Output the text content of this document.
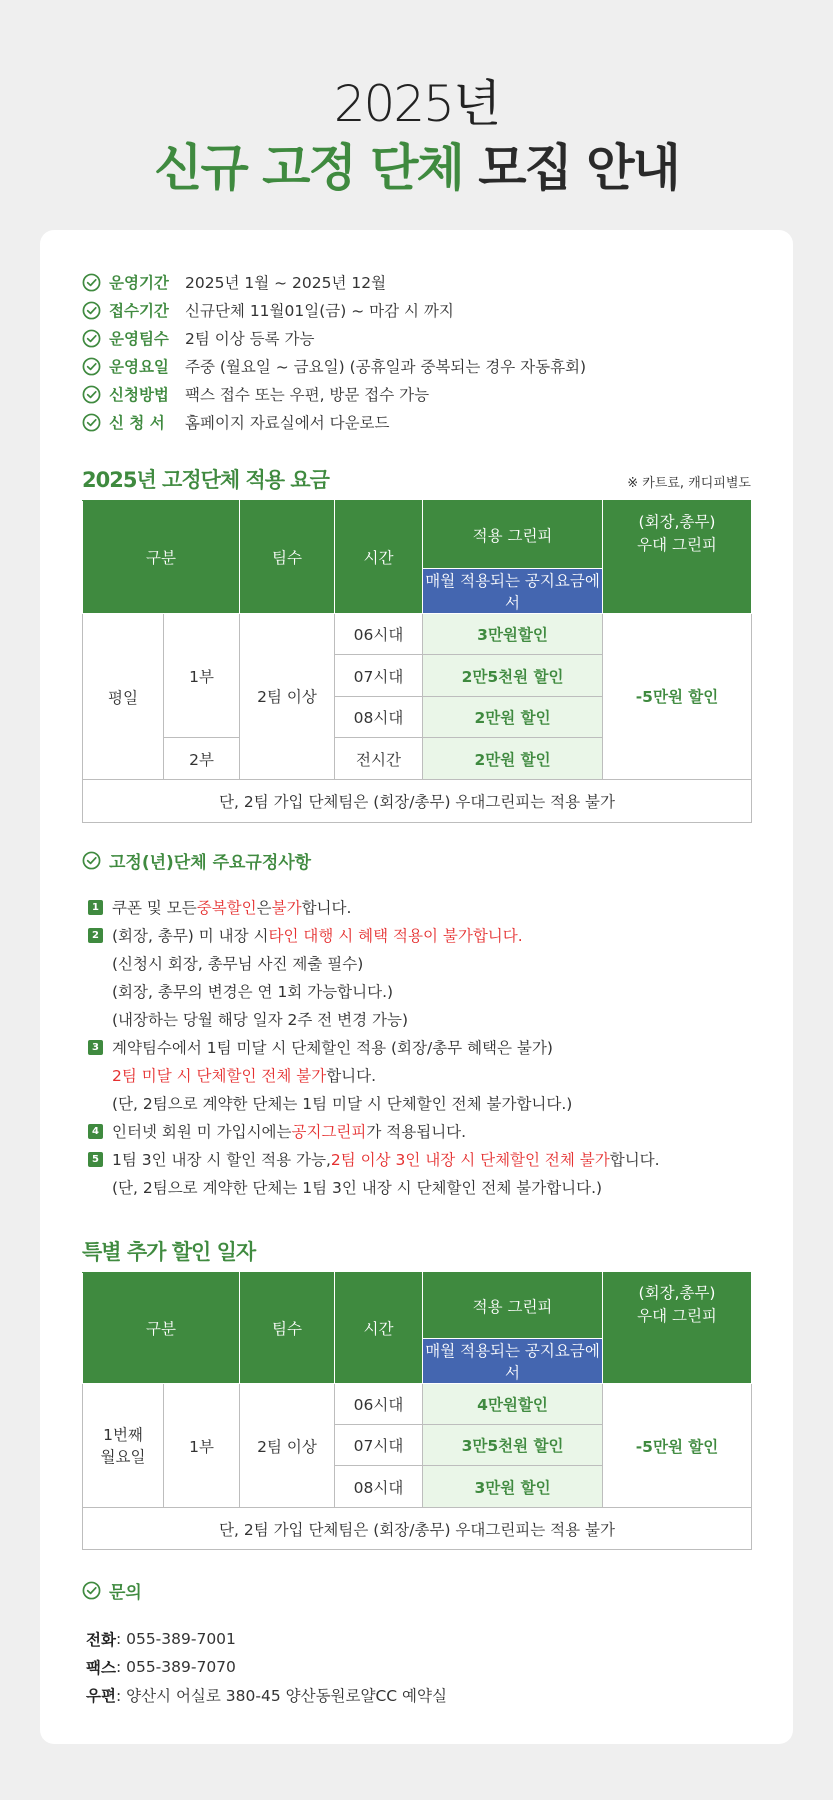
2025년
신규 고정 단체 모집 안내
운영기간	2025년 1월 ~ 2025년 12월
접수기간	신규단체 11월01일(금) ~ 마감 시 까지
운영팀수	2팀 이상 등록 가능
운영요일	주중 (월요일 ~ 금요일) (공휴일과 중복되는 경우 자동휴회)
신청방법	팩스 접수 또는 우편, 방문 접수 가능
신 청 서	홈페이지 자료실에서 다운로드
2025년 고정단체 적용 요금	※ 카트료, 캐디피별도
구분		팀수	시간	적용 그린피	(회장,총무)
우대 그린피

				매월 적용되는 공지요금에서	
평일	1부	2팀 이상	06시대	3만원할인	-5만원 할인
			07시대	2만5천원 할인	
			08시대	2만원 할인	
	2부		전시간	2만원 할인	
단, 2팀 가입 단체팀은 (회장/총무) 우대그린피는 적용 불가					
고정(년)단체 주요규정사항
1 쿠폰 및 모든 중복할인 은 불가 합니다.
2 (회장, 총무) 미 내장 시 타인 대행 시 혜택 적용이 불가합니다.
(신청시 회장, 총무님 사진 제출 필수)
(회장, 총무의 변경은 연 1회 가능합니다.)
(내장하는 당월 해당 일자 2주 전 변경 가능)
3 계약팀수에서 1팀 미달 시 단체할인 적용 (회장/총무 혜택은 불가)
2팀 미달 시 단체할인 전체 불가 합니다.
(단, 2팀으로 계약한 단체는 1팀 미달 시 단체할인 전체 불가합니다.)
4 인터넷 회원 미 가입시에는 공지그린피 가 적용됩니다.
5 1팀 3인 내장 시 할인 적용 가능, 2팀 이상 3인 내장 시 단체할인 전체 불가 합니다.
(단, 2팀으로 계약한 단체는 1팀 3인 내장 시 단체할인 전체 불가합니다.)
특별 추가 할인 일자
구분		팀수	시간	적용 그린피	(회장,총무)
우대 그린피

				매월 적용되는 공지요금에서	

1번째
월요일	1부	2팀 이상	06시대	4만원할인	-5만원 할인
			07시대	3만5천원 할인	
			08시대	3만원 할인	
단, 2팀 가입 단체팀은 (회장/총무) 우대그린피는 적용 불가					
문의
전화 : 055-389-7001
팩스 : 055-389-7070
우편 : 양산시 어실로 380-45 양산동원로얄CC 예약실
